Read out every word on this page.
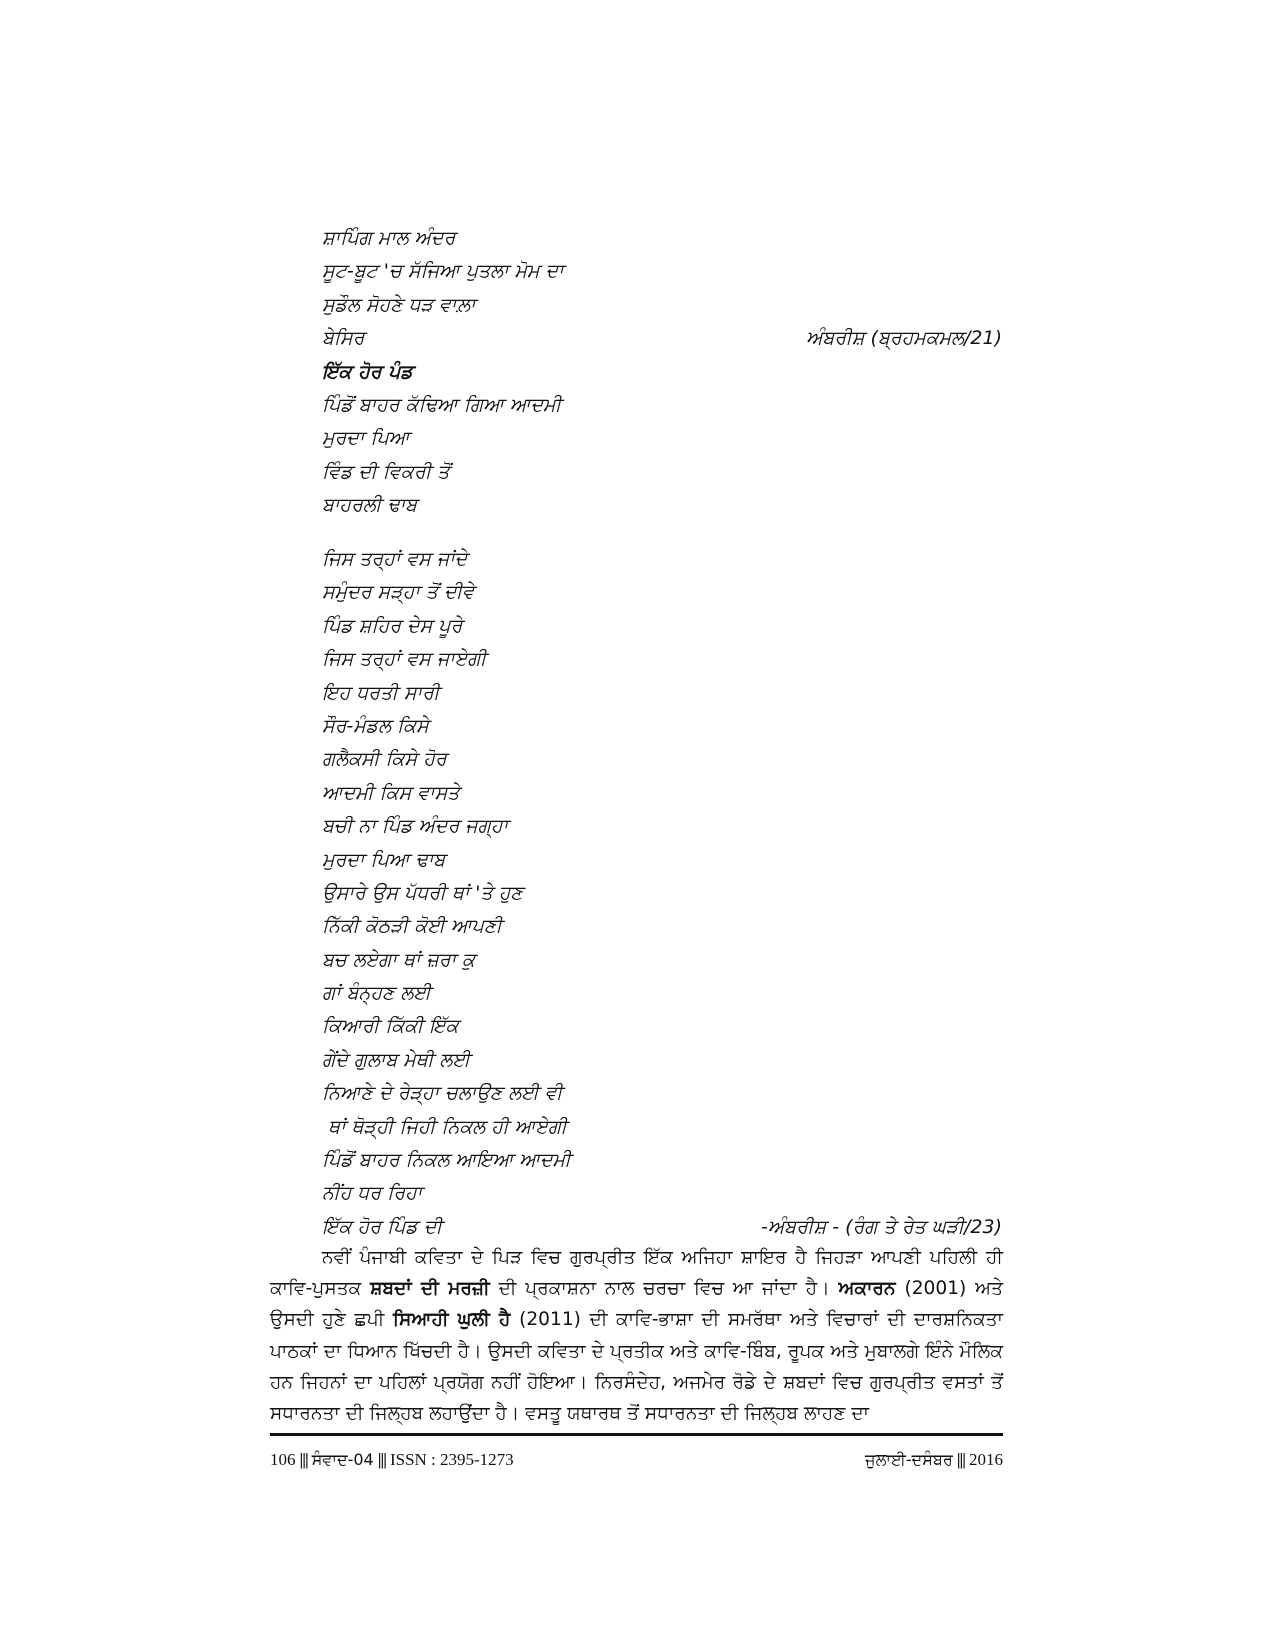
ਸ਼ਾਪਿੰਗ ਮਾਲ ਅੰਦਰ
ਸੂਟ-ਬੂਟ 'ਚ ਸੱਜਿਆ ਪੁਤਲਾ ਮੋਮ ਦਾ
ਸੁਡੌਲ ਸੋਹਣੇ ਧੜ ਵਾਲ਼ਾ
ਬੇਸਿਰ	ਅੰਬਰੀਸ਼ (ਬ੍ਰਹਮਕਮਲ/21)
ਇੱਕ ਹੋਰ ਪੰਡ
ਪਿੰਡੋਂ ਬਾਹਰ ਕੱਢਿਆ ਗਿਆ ਆਦਮੀ
ਮੁਰਦਾ ਪਿਆ
ਵਿੰਡ ਦੀ ਵਿਕਰੀ ਤੋਂ
ਬਾਹਰਲੀ ਢਾਬ
ਜਿਸ ਤਰ੍ਹਾਂ ਵਸ ਜਾਂਦੇ
ਸਮੁੰਦਰ ਸੜ੍ਹਾ ਤੋਂ ਦੀਵੇ
ਪਿੰਡ ਸ਼ਹਿਰ ਦੇਸ ਪੂਰੇ
ਜਿਸ ਤਰ੍ਹਾਂ ਵਸ ਜਾਏਗੀ
ਇਹ ਧਰਤੀ ਸਾਰੀ
ਸੌਰ-ਮੰਡਲ ਕਿਸੇ
ਗਲੈਕਸੀ ਕਿਸੇ ਹੋਰ
ਆਦਮੀ ਕਿਸ ਵਾਸਤੇ
ਬਚੀ ਨਾ ਪਿੰਡ ਅੰਦਰ ਜਗ੍ਹਾ
ਮੁਰਦਾ ਪਿਆ ਢਾਬ
ਉਸਾਰੇ ਉਸ ਪੱਧਰੀ ਥਾਂ 'ਤੇ ਹੁਣ
ਨਿੱਕੀ ਕੋਠੜੀ ਕੋਈ ਆਪਣੀ
ਬਚ ਲਏਗਾ ਥਾਂ ਜ਼ਰਾ ਕੁ
ਗਾਂ ਬੰਨ੍ਹਣ ਲਈ
ਕਿਆਰੀ ਕਿੱਕੀ ਇੱਕ
ਗੇਂਦੇ ਗੁਲਾਬ ਮੇਥੀ ਲਈ
ਨਿਆਣੇ ਦੇ ਰੇੜ੍ਹਾ ਚਲਾਉਣ ਲਈ ਵੀ
ਥਾਂ ਥੋੜ੍ਹੀ ਜਿਹੀ ਨਿਕਲ ਹੀ ਆਏਗੀ
ਪਿੰਡੋਂ ਬਾਹਰ ਨਿਕਲ ਆਇਆ ਆਦਮੀ
ਨੀਂਹ ਧਰ ਰਿਹਾ
ਇੱਕ ਹੋਰ ਪਿੰਡ ਦੀ	-ਅੰਬਰੀਸ਼ - (ਰੰਗ ਤੇ ਰੇਤ ਘੜੀ/23)

ਨਵੀਂ ਪੰਜਾਬੀ ਕਵਿਤਾ ਦੇ ਪਿੜ ਵਿਚ ਗੁਰਪ੍ਰੀਤ ਇੱਕ ਅਜਿਹਾ ਸ਼ਾਇਰ ਹੈ ਜਿਹੜਾ ਆਪਣੀ ਪਹਿਲੀ ਹੀ ਕਾਵਿ-ਪੁਸਤਕ ਸ਼ਬਦਾਂ ਦੀ ਮਰਜ਼ੀ ਦੀ ਪ੍ਰਕਾਸ਼ਨਾ ਨਾਲ ਚਰਚਾ ਵਿਚ ਆ ਜਾਂਦਾ ਹੈ। ਅਕਾਰਨ (2001) ਅਤੇ ਉਸਦੀ ਹੁਣੇ ਛਪੀ ਸਿਆਹੀ ਘੁਲੀ ਹੈ (2011) ਦੀ ਕਾਵਿ-ਭਾਸ਼ਾ ਦੀ ਸਮਰੱਥਾ ਅਤੇ ਵਿਚਾਰਾਂ ਦੀ ਦਾਰਸ਼ਨਿਕਤਾ ਪਾਠਕਾਂ ਦਾ ਧਿਆਨ ਖਿੱਚਦੀ ਹੈ। ਉਸਦੀ ਕਵਿਤਾ ਦੇ ਪ੍ਰਤੀਕ ਅਤੇ ਕਾਵਿ-ਬਿੰਬ, ਰੂਪਕ ਅਤੇ ਮੁਬਾਲਗੇ ਇੰਨੇ ਮੌਲਿਕ ਹਨ ਜਿਹਨਾਂ ਦਾ ਪਹਿਲਾਂ ਪ੍ਰਯੋਗ ਨਹੀਂ ਹੋਇਆ। ਨਿਰਸੰਦੇਹ, ਅਜਮੇਰ ਰੋਡੇ ਦੇ ਸ਼ਬਦਾਂ ਵਿਚ ਗੁਰਪ੍ਰੀਤ ਵਸਤਾਂ ਤੋਂ ਸਧਾਰਨਤਾ ਦੀ ਜਿਲ੍ਹਬ ਲਹਾਉਂਦਾ ਹੈ। ਵਸਤੂ ਯਥਾਰਥ ਤੋਂ ਸਧਾਰਨਤਾ ਦੀ ਜਿਲ੍ਹਬ ਲਾਹਣ ਦਾ

106 ||| ਸੰਵਾਦ-04 ||| ISSN : 2395-1273	ਜੁਲਾਈ-ਦਸੰਬਰ ||| 2016
